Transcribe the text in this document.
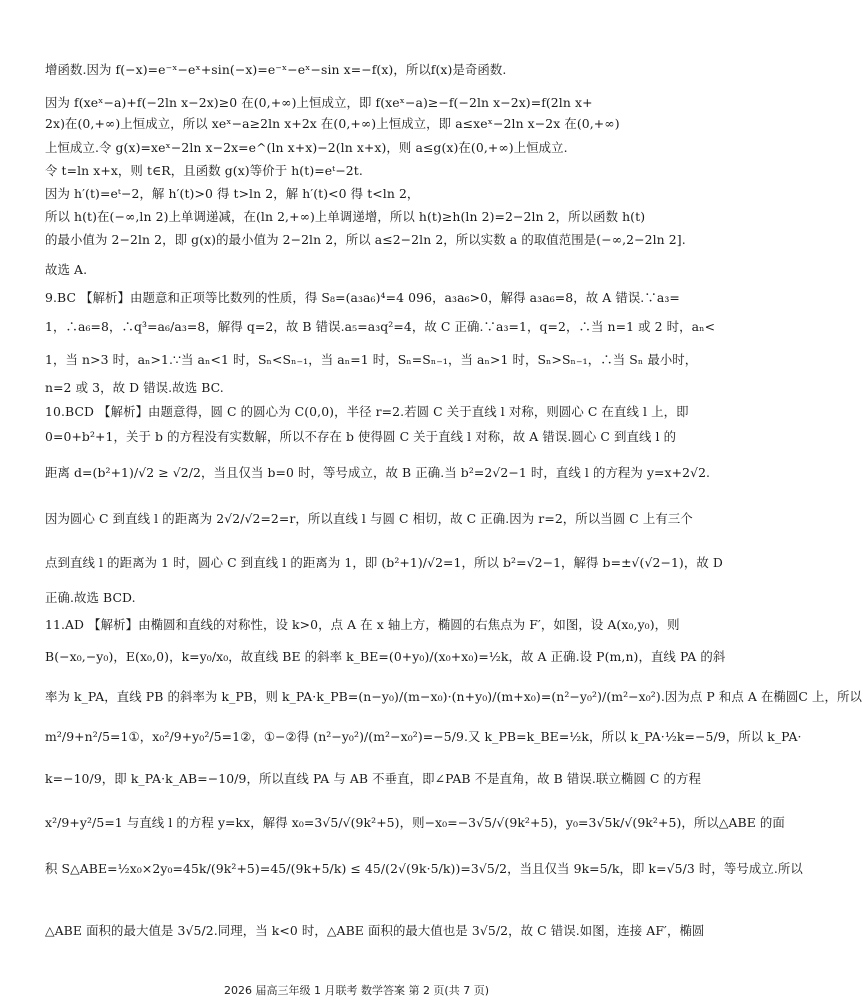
增函数.因为 f(−x)=e⁻ˣ−eˣ+sin(−x)=e⁻ˣ−eˣ−sin x=−f(x)，所以f(x)是奇函数.
因为 f(xeˣ−a)+f(−2ln x−2x)≥0 在(0,+∞)上恒成立，即 f(xeˣ−a)≥−f(−2ln x−2x)=f(2ln x+
2x)在(0,+∞)上恒成立，所以 xeˣ−a≥2ln x+2x 在(0,+∞)上恒成立，即 a≤xeˣ−2ln x−2x 在(0,+∞)
上恒成立.令 g(x)=xeˣ−2ln x−2x=e^(ln x+x)−2(ln x+x)，则 a≤g(x)在(0,+∞)上恒成立.
令 t=ln x+x，则 t∈R，且函数 g(x)等价于 h(t)=eᵗ−2t.
因为 h′(t)=eᵗ−2，解 h′(t)>0 得 t>ln 2，解 h′(t)<0 得 t<ln 2，
所以 h(t)在(−∞,ln 2)上单调递减，在(ln 2,+∞)上单调递增，所以 h(t)≥h(ln 2)=2−2ln 2，所以函数 h(t)
的最小值为 2−2ln 2，即 g(x)的最小值为 2−2ln 2，所以 a≤2−2ln 2，所以实数 a 的取值范围是(−∞,2−2ln 2].
故选 A.
9.BC 【解析】由题意和正项等比数列的性质，得 S₈=(a₃a₆)⁴=4 096，a₃a₆>0，解得 a₃a₆=8，故 A 错误.∵a₃=
1，∴a₆=8，∴q³=a₆/a₃=8，解得 q=2，故 B 错误.a₅=a₃q²=4，故 C 正确.∵a₃=1，q=2，∴当 n=1 或 2 时，aₙ<
1，当 n>3 时，aₙ>1.∵当 aₙ<1 时，Sₙ<Sₙ₋₁，当 aₙ=1 时，Sₙ=Sₙ₋₁，当 aₙ>1 时，Sₙ>Sₙ₋₁，∴当 Sₙ 最小时，
n=2 或 3，故 D 错误.故选 BC.
10.BCD 【解析】由题意得，圆 C 的圆心为 C(0,0)，半径 r=2.若圆 C 关于直线 l 对称，则圆心 C 在直线 l 上，即
0=0+b²+1，关于 b 的方程没有实数解，所以不存在 b 使得圆 C 关于直线 l 对称，故 A 错误.圆心 C 到直线 l 的
距离 d=(b²+1)/√2 ≥ √2/2，当且仅当 b=0 时，等号成立，故 B 正确.当 b²=2√2−1 时，直线 l 的方程为 y=x+2√2.
因为圆心 C 到直线 l 的距离为 2√2/√2=2=r，所以直线 l 与圆 C 相切，故 C 正确.因为 r=2，所以当圆 C 上有三个
点到直线 l 的距离为 1 时，圆心 C 到直线 l 的距离为 1，即 (b²+1)/√2=1，所以 b²=√2−1，解得 b=±√(√2−1)，故 D
正确.故选 BCD.
11.AD 【解析】由椭圆和直线的对称性，设 k>0，点 A 在 x 轴上方，椭圆的右焦点为 F′，如图，设 A(x₀,y₀)，则
B(−x₀,−y₀)，E(x₀,0)，k=y₀/x₀，故直线 BE 的斜率 k_BE=(0+y₀)/(x₀+x₀)=½k，故 A 正确.设 P(m,n)，直线 PA 的斜
率为 k_PA，直线 PB 的斜率为 k_PB，则 k_PA·k_PB=(n−y₀)/(m−x₀)·(n+y₀)/(m+x₀)=(n²−y₀²)/(m²−x₀²).因为点 P 和点 A 在椭圆C 上，所以
m²/9+n²/5=1①，x₀²/9+y₀²/5=1②，①−②得 (n²−y₀²)/(m²−x₀²)=−5/9.又 k_PB=k_BE=½k，所以 k_PA·½k=−5/9，所以 k_PA·
k=−10/9，即 k_PA·k_AB=−10/9，所以直线 PA 与 AB 不垂直，即∠PAB 不是直角，故 B 错误.联立椭圆 C 的方程
x²/9+y²/5=1 与直线 l 的方程 y=kx，解得 x₀=3√5/√(9k²+5)，则−x₀=−3√5/√(9k²+5)，y₀=3√5k/√(9k²+5)，所以△ABE 的面
积 S△ABE=½x₀×2y₀=45k/(9k²+5)=45/(9k+5/k) ≤ 45/(2√(9k·5/k))=3√5/2，当且仅当 9k=5/k，即 k=√5/3 时，等号成立.所以
△ABE 面积的最大值是 3√5/2.同理，当 k<0 时，△ABE 面积的最大值也是 3√5/2，故 C 错误.如图，连接 AF′，椭圆
2026 届高三年级 1 月联考 数学答案 第 2 页(共 7 页)
